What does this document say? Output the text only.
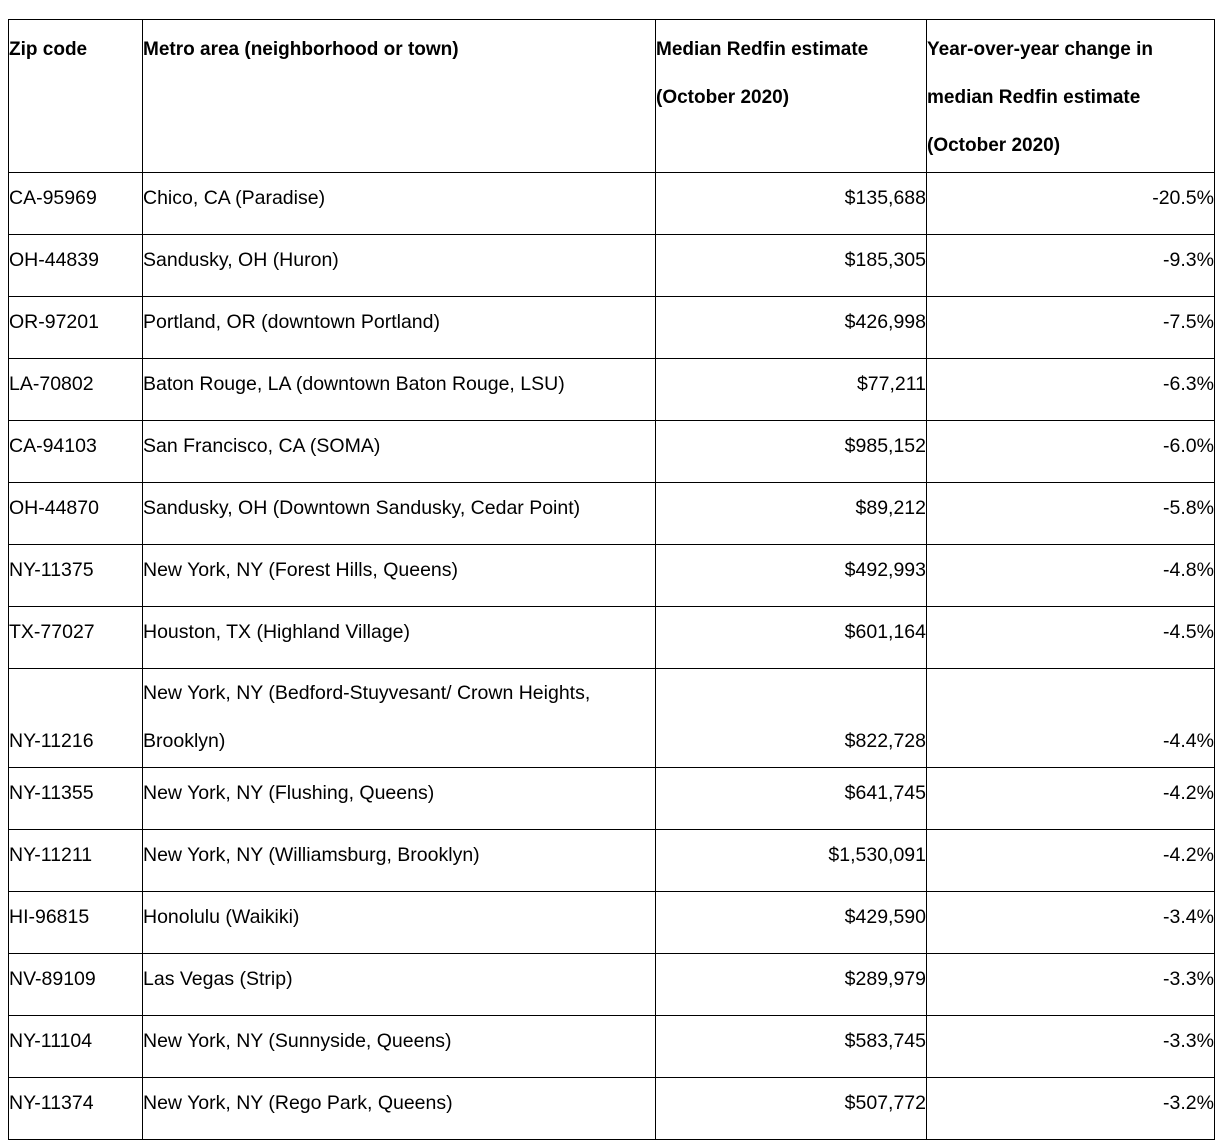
Zip code	Metro area (neighborhood or town)	Median Redfin estimate (October 2020)	Year-over-year change in median Redfin estimate (October 2020)
CA-95969	Chico, CA (Paradise)	$135,688	-20.5%
OH-44839	Sandusky, OH (Huron)	$185,305	-9.3%
OR-97201	Portland, OR (downtown Portland)	$426,998	-7.5%
LA-70802	Baton Rouge, LA (downtown Baton Rouge, LSU)	$77,211	-6.3%
CA-94103	San Francisco, CA (SOMA)	$985,152	-6.0%
OH-44870	Sandusky, OH (Downtown Sandusky, Cedar Point)	$89,212	-5.8%
NY-11375	New York, NY (Forest Hills, Queens)	$492,993	-4.8%
TX-77027	Houston, TX (Highland Village)	$601,164	-4.5%
NY-11216	New York, NY (Bedford-Stuyvesant/ Crown Heights, Brooklyn)	$822,728	-4.4%
NY-11355	New York, NY (Flushing, Queens)	$641,745	-4.2%
NY-11211	New York, NY (Williamsburg, Brooklyn)	$1,530,091	-4.2%
HI-96815	Honolulu (Waikiki)	$429,590	-3.4%
NV-89109	Las Vegas (Strip)	$289,979	-3.3%
NY-11104	New York, NY (Sunnyside, Queens)	$583,745	-3.3%
NY-11374	New York, NY (Rego Park, Queens)	$507,772	-3.2%
